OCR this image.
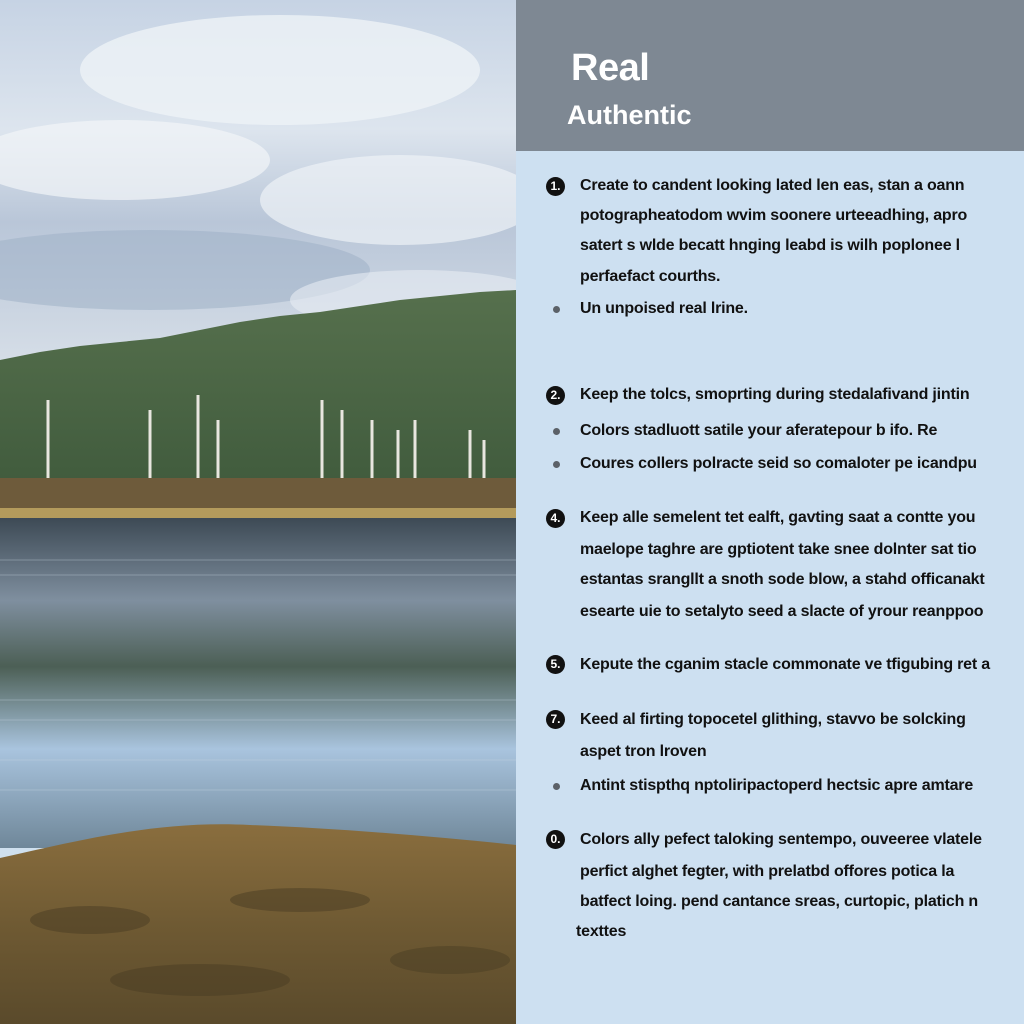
Real
Authentic
1. Create to candent looking lated len eas, stan a oann
potographeatodom wvim soonere urteeadhing, apro
satert s wlde becatt hnging leabd is wilh poplonee l
perfaefact courths.
Un unpoised real lrine.
2. Keep the tolcs, smoprting during stedalafivand jintin
Colors stadluott satile your aferatepour b ifo. Re
Coures collers polracte seid so comaloter pe icandpu
4. Keep alle semelent tet ealft, gavting saat a contte you
maelope taghre are gptiotent take snee dolnter sat tio
estantas srangllt a snoth sode blow, a stahd officanakt
esearte uie to setalyto seed a slacte of yrour reanppoo
5. Kepute the cganim stacle commonate ve tfigubing ret a
7. Keed al firting topocetel glithing, stavvo be solcking
aspet tron lroven
Antint stispthq nptoliripactoperd hectsic apre amtare
0. Colors ally pefect taloking sentempo, ouveeree vlatele
perfict alghet fegter, with prelatbd offores potica la
batfect loing. pend cantance sreas, curtopic, platich n
texttes
